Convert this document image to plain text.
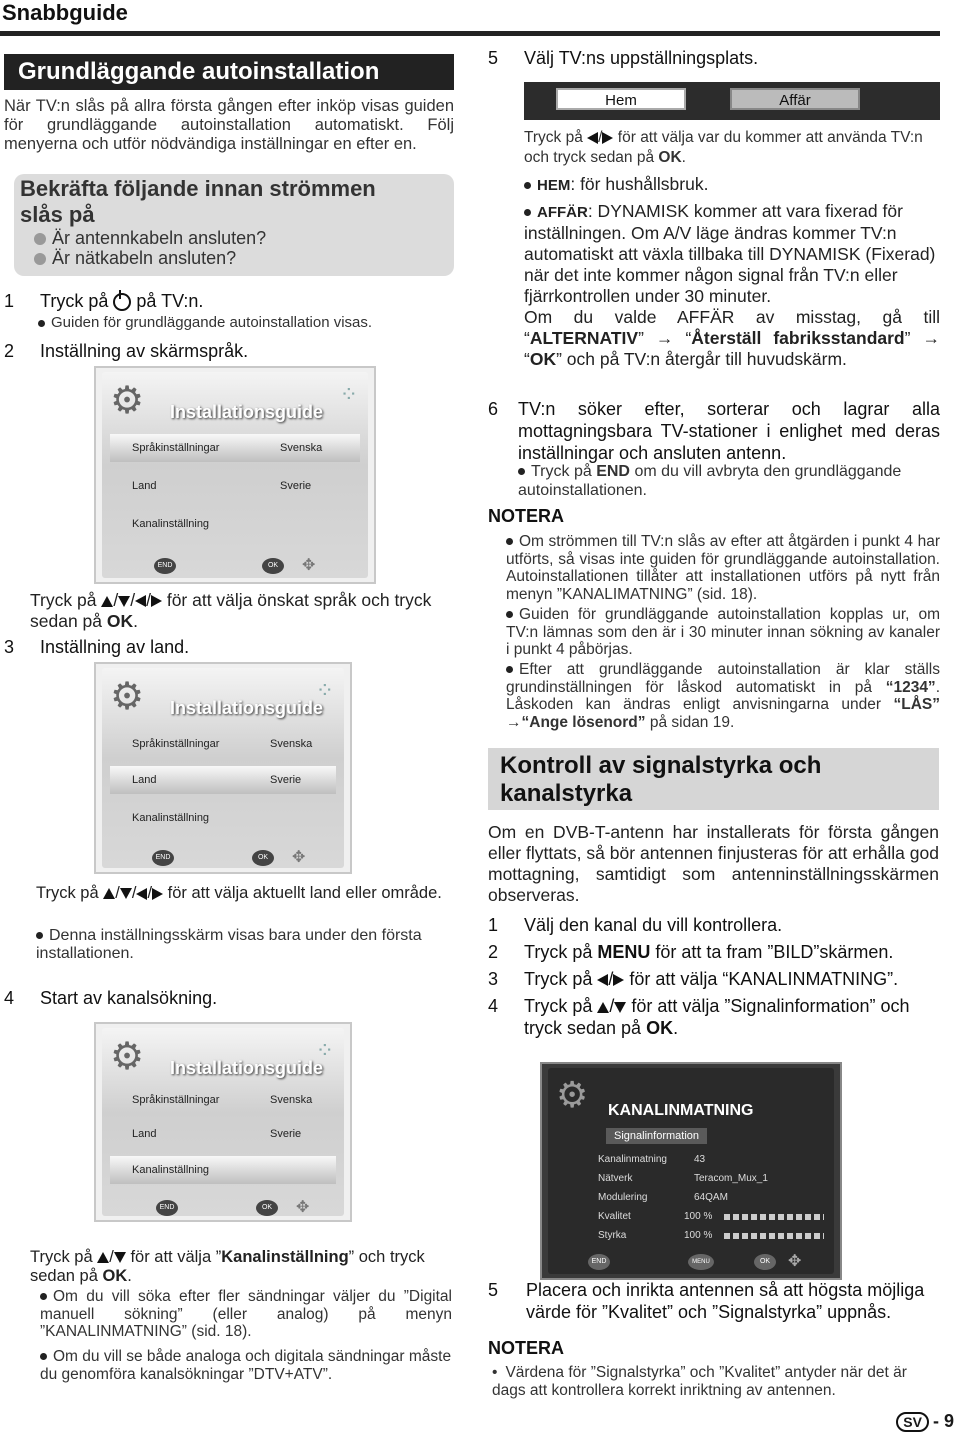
Snabbguide
Grundläggande autoinstallation
När TV:n slås på allra första gången efter inköp visas guiden för grundläggande autoinstallation automatiskt. Följ menyerna och utför nödvändiga inställningar en efter en.
Bekräfta följande innan strömmen slås på
Är antennkabeln ansluten?
Är nätkabeln ansluten?
1 Tryck på på TV:n.
Guiden för grundläggande autoinstallation visas.
2 Inställning av skärmspråk.
⚙	⁘
Installationsguide
Språkinställningar	Svenska
Land	Sverie
Kanalinställning
END	OK	✥
Tryck på / / / för att välja önskat språk och tryck sedan på OK.
3 Inställning av land.
⚙	⁘
Installationsguide
Språkinställningar	Svenska
Land	Sverie
Kanalinställning
END	OK	✥
Tryck på / / / för att välja aktuellt land eller område.
Denna inställningsskärm visas bara under den första installationen.
4 Start av kanalsökning.
⚙	⁘
Installationsguide
Språkinställningar	Svenska
Land	Sverie
Kanalinställning
END	OK	✥
Tryck på / för att välja ”Kanalinställning” och tryck sedan på OK.
Om du vill söka efter fler sändningar väljer du ”Digital manuell sökning” (eller analog) på menyn ”KANALINMATNING” (sid. 18).
Om du vill se både analoga och digitala sändningar måste du genomföra kanalsökningar ”DTV+ATV”.
5 Välj TV:ns uppställningsplats.
Hem	Affär
Tryck på / för att välja var du kommer att använda TV:n och tryck sedan på OK.
HEM: för hushållsbruk.
AFFÄR: DYNAMISK kommer att vara fixerad för inställningen. Om A/V läge ändras kommer TV:n automatiskt att växla tillbaka till DYNAMISK (Fixerad) när det inte kommer någon signal från TV:n eller fjärrkontrollen under 30 minuter.
Om du valde AFFÄR av misstag, gå till “ALTERNATIV” → “Återställ fabriksstandard” → “OK” och på TV:n återgår till huvudskärm.
6 TV:n söker efter, sorterar och lagrar alla mottagningsbara TV-stationer i enlighet med deras inställningar och ansluten antenn.
Tryck på END om du vill avbryta den grundläggande autoinstallationen.
NOTERA
Om strömmen till TV:n slås av efter att åtgärden i punkt 4 har utförts, så visas inte guiden för grundläggande autoinstallation. Autoinstallationen tillåter att installationen utförs på nytt från menyn ”KANALIMATNING” (sid. 18).
Guiden för grundläggande autoinstallation kopplas ur, om TV:n lämnas som den är i 30 minuter innan sökning av kanaler i punkt 4 påbörjas.
Efter att grundläggande autoinstallation är klar ställs grundinställningen för låskod automatiskt in på “1234”. Låskoden kan ändras enligt anvisningarna under “LÅS” →“Ange lösenord” på sidan 19.
Kontroll av signalstyrka och kanalstyrka
Om en DVB-T-antenn har installerats för första gången eller flyttats, så bör antennen finjusteras för att erhålla god mottagning, samtidigt som antenninställningsskärmen observeras.
1 Välj den kanal du vill kontrollera.
2 Tryck på MENU för att ta fram ”BILD”skärmen.
3 Tryck på / för att välja “KANALINMATNING”.
4 Tryck på / för att välja ”Signalinformation” och tryck sedan på OK.
⚙ KANALINMATNING
Signalinformation
Kanalinmatning	43
Nätverk	Teracom_Mux_1
Modulering	64QAM
Kvalitet	100 %
Styrka	100 %
END	MENU	OK	✥
5 Placera och inrikta antennen så att högsta möjliga värde för ”Kvalitet” och ”Signalstyrka” uppnås.
NOTERA
• Värdena för ”Signalstyrka” och ”Kvalitet” antyder när det är dags att kontrollera korrekt inriktning av antennen.
SV - 9
